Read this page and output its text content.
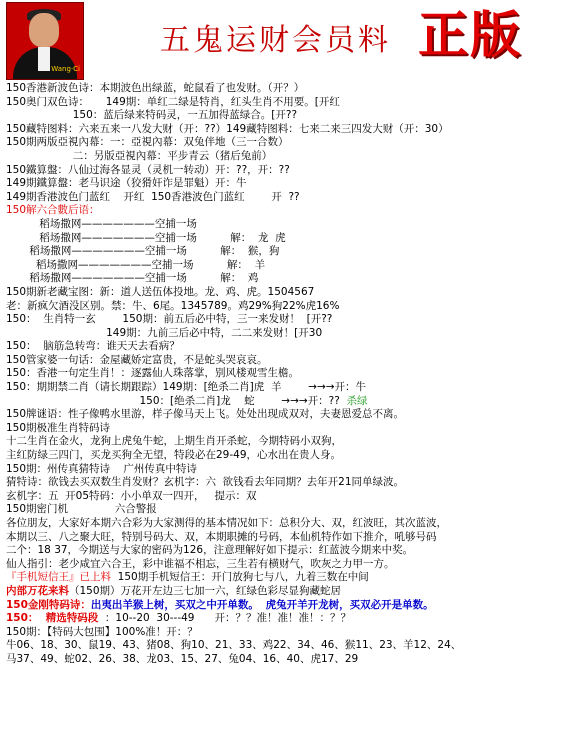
Wang·Ci
五鬼运财会员料 正版
150香港新波色诗：本期波色出绿蓝，蛇鼠看了也发财。（开？）
150奥门双色诗：     149期：单红二绿是特肖，红头生肖不用要。[开红
150：蓝后绿来特码灵，一五加得蓝绿合。[开??
150藏特图料：六来五来一八发大财（开：??）149藏特图料：七来二来三四发大财（开：30）
150期两版亞視內幕：一：亞視內幕：双兔伴地（三一合数）
二：另版亞視內幕：平步青云（猪后兔前）
150鐵算盤：八仙过海各显灵（灵机一转动）开：??，开：??
149期鐵算盤：老马识途（狡猾奸诈是罪魁）开：牛
149期香港波色门蓝红    开红  150香港波色门蓝红        开  ??
150解六合數后语：
稻场撒网———————空捕一场
稻场撒网———————空捕一场          解：  龙  虎
稻场撒网———————空捕一场          解：  猴，狗
稻场撒网———————空捕一场          解：  羊
稻场撒网———————空捕一场          解：  鸡
150期新老藏宝图：新：道人送伍体投地。龙、鸡、虎。1504567
老：新疯欠酒没区别。禁：牛、6尾。1345789。鸡29%狗22%虎16%
150：  生肖特一玄        150期：前五后必中特，三一来发财！  [开??
149期：九前三后必中特，二二来发财！[开30
150：  脑筋急转弯：谁天天去看病？
150管家婆一句话：金屋藏娇定富贵，不是蛇头哭哀哀。
150：香港一句定生肖！：逐露仙人珠落掌，别风楼观雪生檐。
150：期期禁二肖（请长期跟踪）149期：[绝杀二肖]虎  羊        →→→开：牛
150：[绝杀二肖]龙    蛇        →→→开：??  杀绿
150牌谜语：性子像鸭水里游，样子像马天上飞。处处出现成双对，夫妻恩爱总不离。
150期极准生肖特码诗
十二生肖在金火，龙狗上虎兔牛蛇，上期生肖开杀蛇，今期特码小双狗，
主红防绿三四门，买龙买狗全无望，特段必在29-49，心水出在贵人身。
150期：州传真猜特诗    广州传真中特诗
猜特诗：欲钱去买双数生肖发财？玄机字：六  欲钱看去年同期？去年开21同单绿波。
玄机字：五  开05特码：小小单双一四开，   提示：双
150期密门机              六合警报
各位朋友，大家好本期六合彩为大家测得的基本情况如下：总积分大、双，红波旺，其次蓝波，
本期以三、八之聚大旺，特别号码大、双，本期职摊的号码，本仙机特作如下推介，吼够号码
二个：18 37，今期送与大家的密码为126，注意理解好如下提示：红蓝波今期来中奖。
仙人指引：老少咸宜六合王，彩中谁福不相忘，三生若有横财气，吹灰之力甲一方。
『手机短信王』已上料  150期手机短信王：开门放狗七与八，九着三数在中间
内部万花来料（150期）万花开左边三七加一六，红绿色彩尽显狗藏蛇居
150金刚特码诗：出夷出羊猴上树，买双之中开单数。 虎兔开羊开龙树，买双必开是单数。
150：  精选特码段  ：10--20  30---49      开：？？准！准！准！：？？
150期：【特码大包围】100%准！开：？
牛06、18、30、鼠19、43、猪08、狗10、21、33、鸡22、34、46、猴11、23、羊12、24、
马37、49、蛇02、26、38、龙03、15、27、兔04、16、40、虎17、29
